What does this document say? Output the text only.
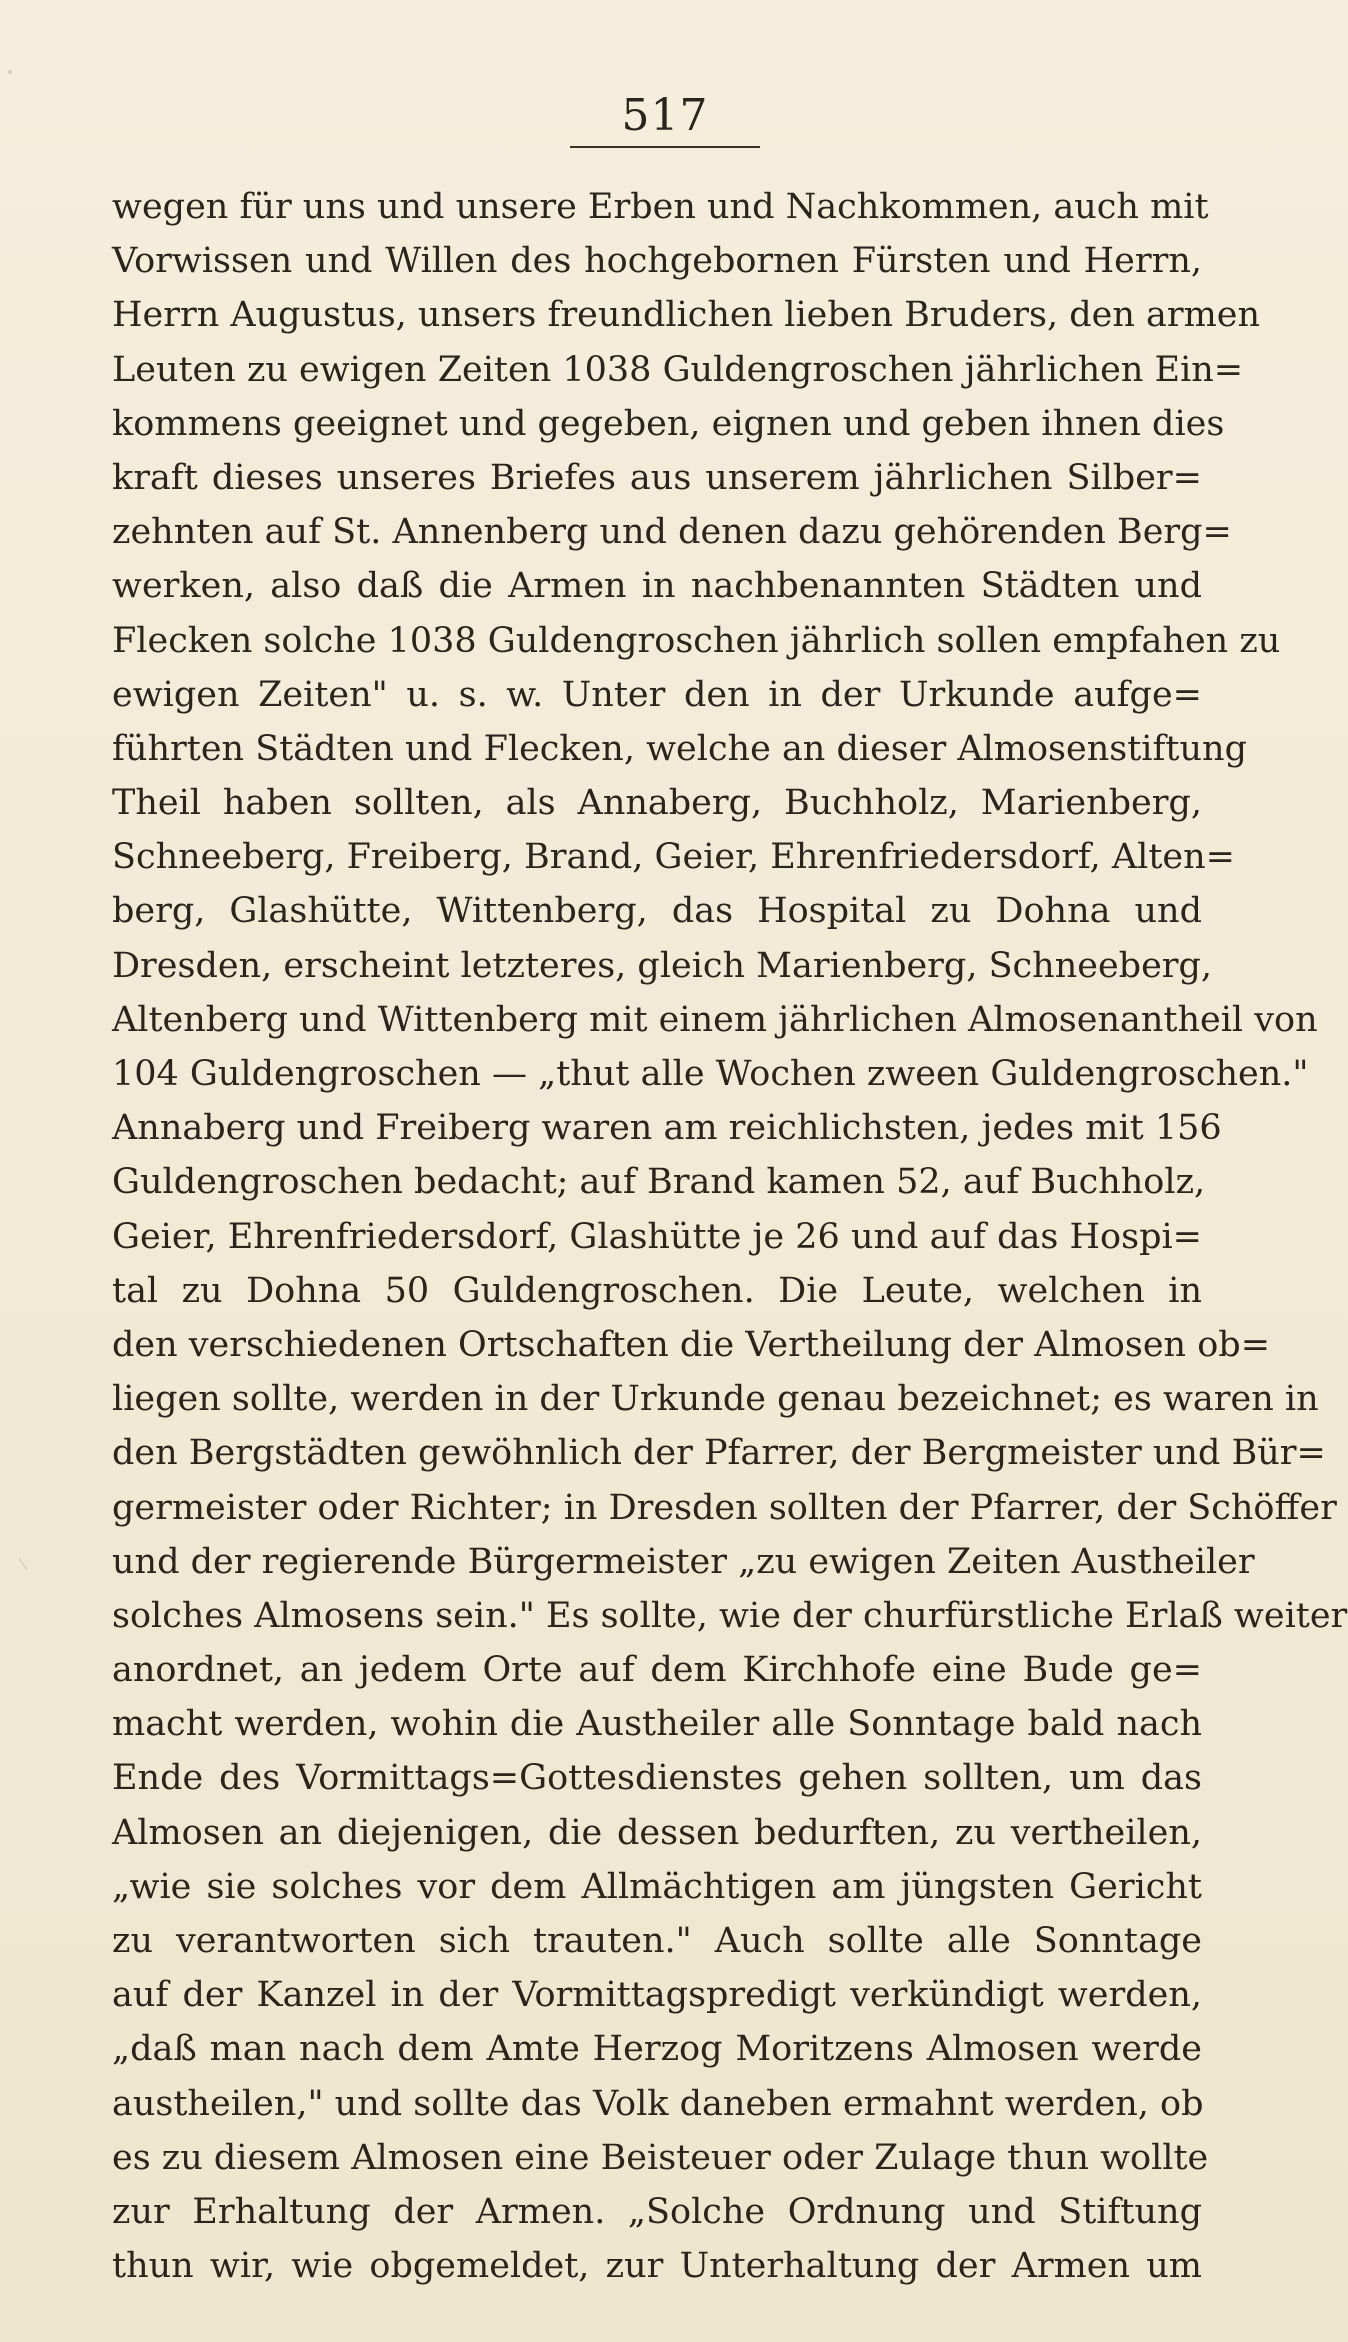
517
wegen für uns und unsere Erben und Nachkommen, auch mit
Vorwissen und Willen des hochgebornen Fürsten und Herrn,
Herrn Augustus, unsers freundlichen lieben Bruders, den armen
Leuten zu ewigen Zeiten 1038 Guldengroschen jährlichen Ein=
kommens geeignet und gegeben, eignen und geben ihnen dies
kraft dieses unseres Briefes aus unserem jährlichen Silber=
zehnten auf St. Annenberg und denen dazu gehörenden Berg=
werken, also daß die Armen in nachbenannten Städten und
Flecken solche 1038 Guldengroschen jährlich sollen empfahen zu
ewigen Zeiten" u. s. w. Unter den in der Urkunde aufge=
führten Städten und Flecken, welche an dieser Almosenstiftung
Theil haben sollten, als Annaberg, Buchholz, Marienberg,
Schneeberg, Freiberg, Brand, Geier, Ehrenfriedersdorf, Alten=
berg, Glashütte, Wittenberg, das Hospital zu Dohna und
Dresden, erscheint letzteres, gleich Marienberg, Schneeberg,
Altenberg und Wittenberg mit einem jährlichen Almosenantheil von
104 Guldengroschen — „thut alle Wochen zween Guldengroschen."
Annaberg und Freiberg waren am reichlichsten, jedes mit 156
Guldengroschen bedacht; auf Brand kamen 52, auf Buchholz,
Geier, Ehrenfriedersdorf, Glashütte je 26 und auf das Hospi=
tal zu Dohna 50 Guldengroschen. Die Leute, welchen in
den verschiedenen Ortschaften die Vertheilung der Almosen ob=
liegen sollte, werden in der Urkunde genau bezeichnet; es waren in
den Bergstädten gewöhnlich der Pfarrer, der Bergmeister und Bür=
germeister oder Richter; in Dresden sollten der Pfarrer, der Schöffer
und der regierende Bürgermeister „zu ewigen Zeiten Austheiler
solches Almosens sein." Es sollte, wie der churfürstliche Erlaß weiter
anordnet, an jedem Orte auf dem Kirchhofe eine Bude ge=
macht werden, wohin die Austheiler alle Sonntage bald nach
Ende des Vormittags=Gottesdienstes gehen sollten, um das
Almosen an diejenigen, die dessen bedurften, zu vertheilen,
„wie sie solches vor dem Allmächtigen am jüngsten Gericht
zu verantworten sich trauten." Auch sollte alle Sonntage
auf der Kanzel in der Vormittagspredigt verkündigt werden,
„daß man nach dem Amte Herzog Moritzens Almosen werde
austheilen," und sollte das Volk daneben ermahnt werden, ob
es zu diesem Almosen eine Beisteuer oder Zulage thun wollte
zur Erhaltung der Armen. „Solche Ordnung und Stiftung
thun wir, wie obgemeldet, zur Unterhaltung der Armen um
